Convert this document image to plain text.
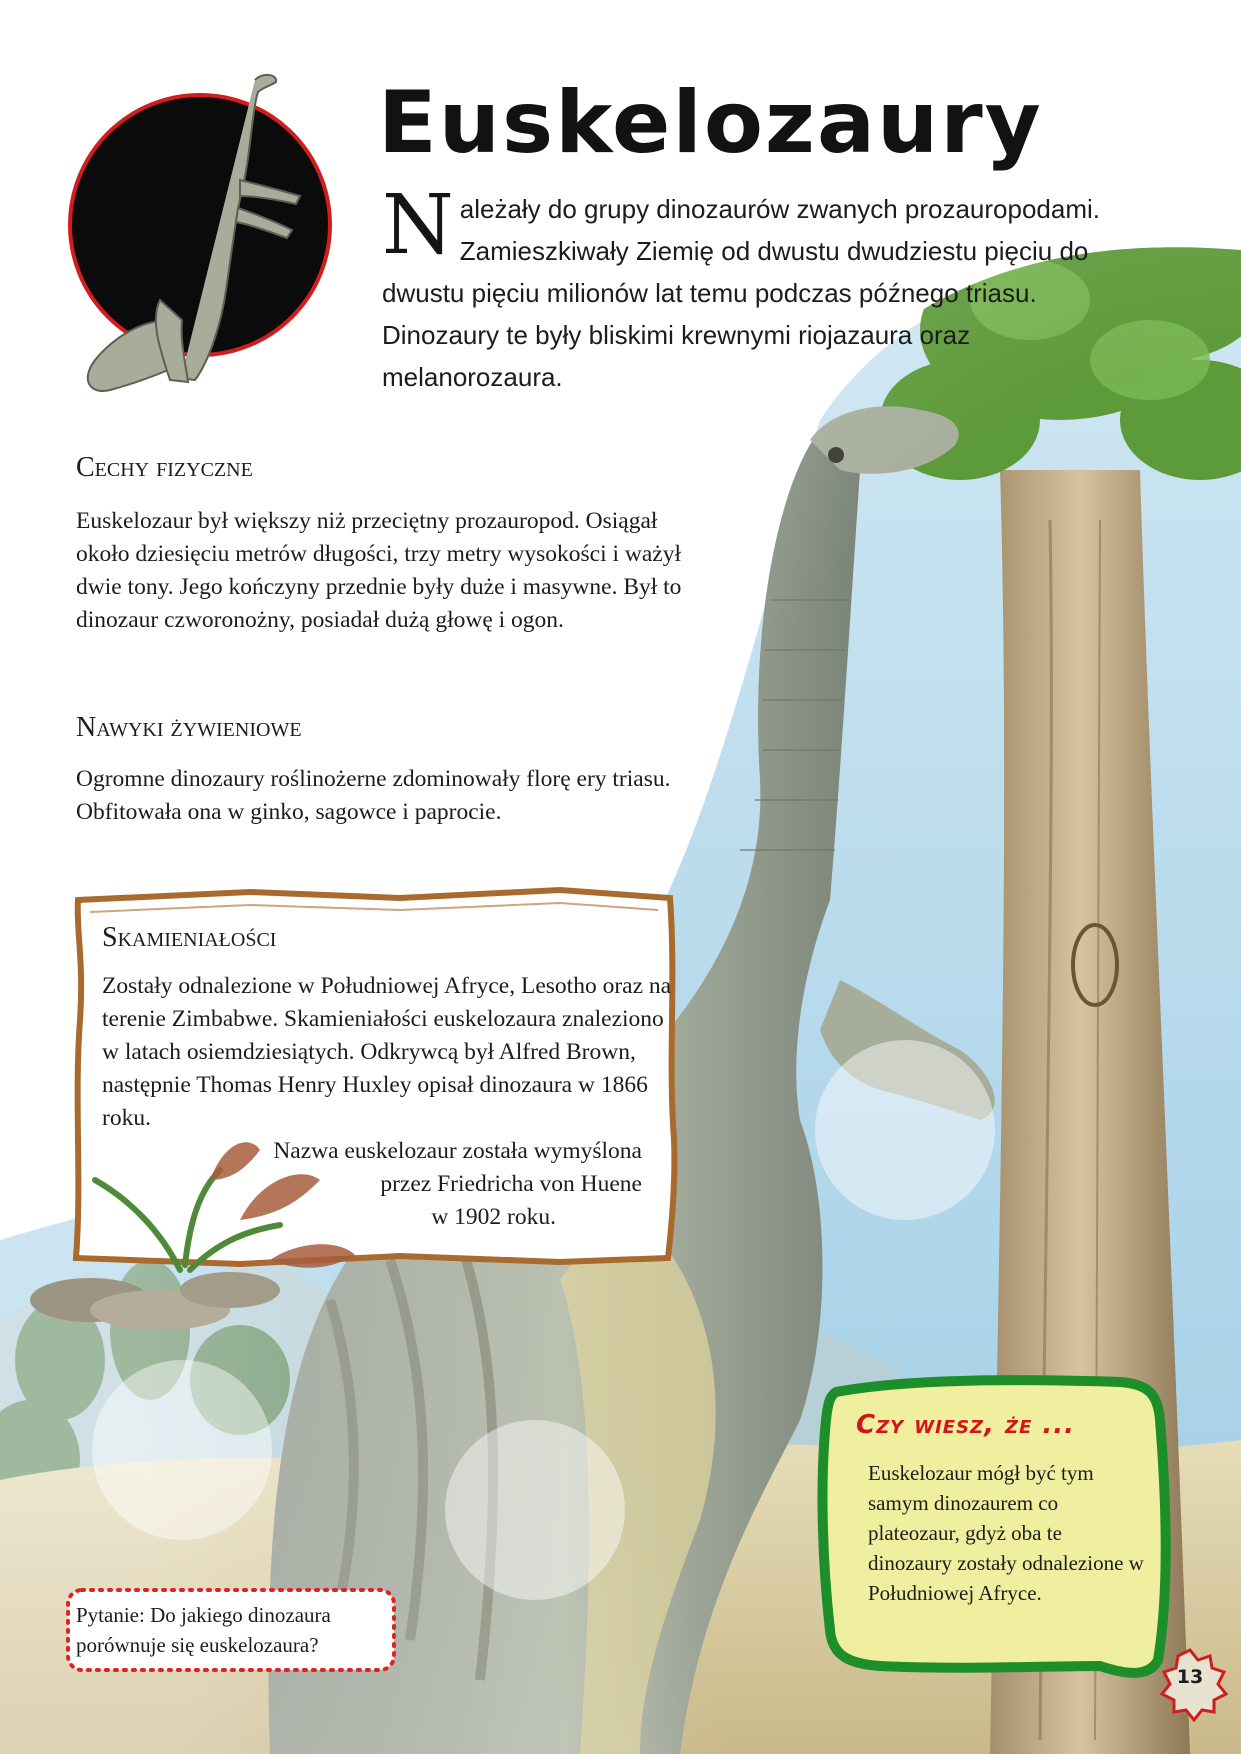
Euskelozaury
Należały do grupy dinozaurów zwanych prozauropodami. Zamieszkiwały Ziemię od dwustu dwudziestu pięciu do dwustu pięciu milionów lat temu podczas późnego triasu. Dinozaury te były bliskimi krewnymi riojazaura oraz melanorozaura.
Cechy fizyczne

Euskelozaur był większy niż przeciętny prozauropod. Osiągał około dziesięciu metrów długości, trzy metry wysokości i ważył dwie tony. Jego kończyny przednie były duże i masywne. Był to dinozaur czworonożny, posiadał dużą głowę i ogon.

Nawyki żywieniowe

Ogromne dinozaury roślinożerne zdominowały florę ery triasu. Obfitowała ona w ginko, sagowce i paprocie.

Skamieniałości
Zostały odnalezione w Południowej Afryce, Lesotho oraz na terenie Zimbabwe. Skamieniałości euskelozaura znaleziono w latach osiemdziesiątych. Odkrywcą był Alfred Brown, następnie Thomas Henry Huxley opisał dinozaura w 1866 roku.
Nazwa euskelozaur została wymyślona
przez Friedricha von Huene
w 1902 roku.

Pytanie: Do jakiego dinozaura porównuje się euskelozaura?

Czy wiesz, że ...

Euskelozaur mógł być tym samym dinozaurem co plateozaur, gdyż oba te dinozaury zostały odnalezione w Południowej Afryce.

13
